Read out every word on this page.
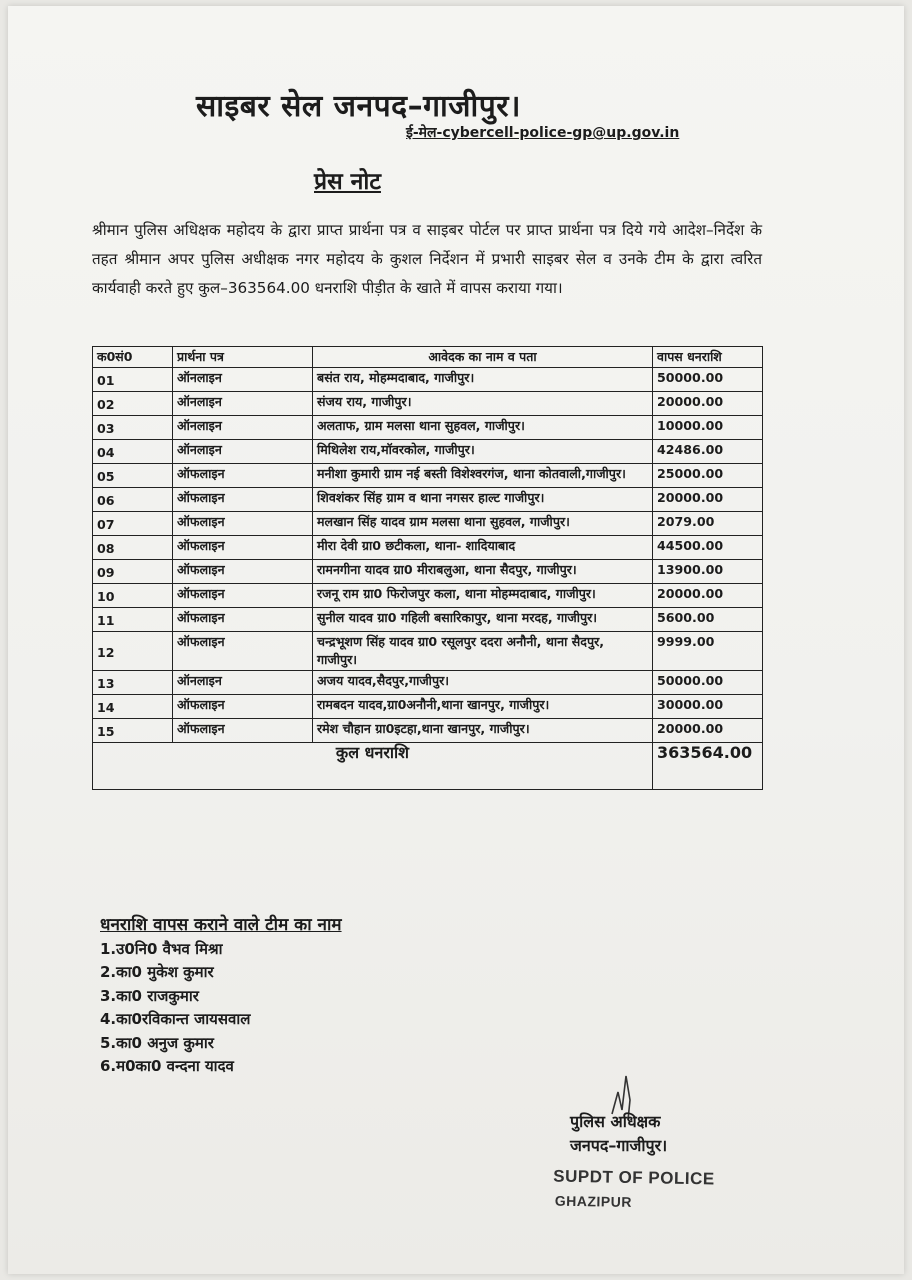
साइबर सेल जनपद–गाजीपुर।
ई-मेल-cybercell-police-gp@up.gov.in
प्रेस नोट
श्रीमान पुलिस अधिक्षक महोदय के द्वारा प्राप्त प्रार्थना पत्र व साइबर पोर्टल पर प्राप्त प्रार्थना पत्र दिये गये आदेश–निर्देश के तहत श्रीमान अपर पुलिस अधीक्षक नगर महोदय के कुशल निर्देशन में प्रभारी साइबर सेल व उनके टीम के द्वारा त्वरित कार्यवाही करते हुए कुल–363564.00 धनराशि पीड़ीत के खाते में वापस कराया गया।
क0सं0	प्रार्थना पत्र	आवेदक का नाम व पता	वापस धनराशि
01	ऑनलाइन	बसंत राय, मोहम्मदाबाद, गाजीपुर।	50000.00
02	ऑनलाइन	संजय राय, गाजीपुर।	20000.00
03	ऑनलाइन	अलताफ, ग्राम मलसा थाना सुहवल, गाजीपुर।	10000.00
04	ऑनलाइन	मिथिलेश राय,मॉवरकोल, गाजीपुर।	42486.00
05	ऑफलाइन	मनीशा कुमारी ग्राम नई बस्ती विशेश्वरगंज, थाना कोतवाली,गाजीपुर।	25000.00
06	ऑफलाइन	शिवशंकर सिंह ग्राम व थाना नगसर हाल्ट गाजीपुर।	20000.00
07	ऑफलाइन	मलखान सिंह यादव ग्राम मलसा थाना सुहवल, गाजीपुर।	2079.00
08	ऑफलाइन	मीरा देवी ग्रा0 छटीकला, थाना- शादियाबाद	44500.00
09	ऑफलाइन	रामनगीना यादव ग्रा0 मीराबलुआ, थाना सैदपुर, गाजीपुर।	13900.00
10	ऑफलाइन	रजनू राम ग्रा0 फिरोजपुर कला, थाना मोहम्मदाबाद, गाजीपुर।	20000.00
11	ऑफलाइन	सुनील यादव ग्रा0 गहिली बसारिकापुर, थाना मरदह, गाजीपुर।	5600.00
12	ऑफलाइन	चन्द्रभूशण सिंह यादव ग्रा0 रसूलपुर ददरा अनौनी, थाना सैदपुर, गाजीपुर।	9999.00
13	ऑनलाइन	अजय यादव,सैदपुर,गाजीपुर।	50000.00
14	ऑफलाइन	रामबदन यादव,ग्रा0अनौनी,थाना खानपुर, गाजीपुर।	30000.00
15	ऑफलाइन	रमेश चौहान ग्रा0इटहा,थाना खानपुर, गाजीपुर।	20000.00
कुल धनराशि			363564.00
धनराशि वापस कराने वाले टीम का नाम
1.उ0नि0 वैभव मिश्रा
2.का0 मुकेश कुमार
3.का0 राजकुमार
4.का0रविकान्त जायसवाल
5.का0 अनुज कुमार
6.म0का0 वन्दना यादव
पुलिस अधिक्षक
जनपद–गाजीपुर।
SUPDT OF POLICE
GHAZIPUR
